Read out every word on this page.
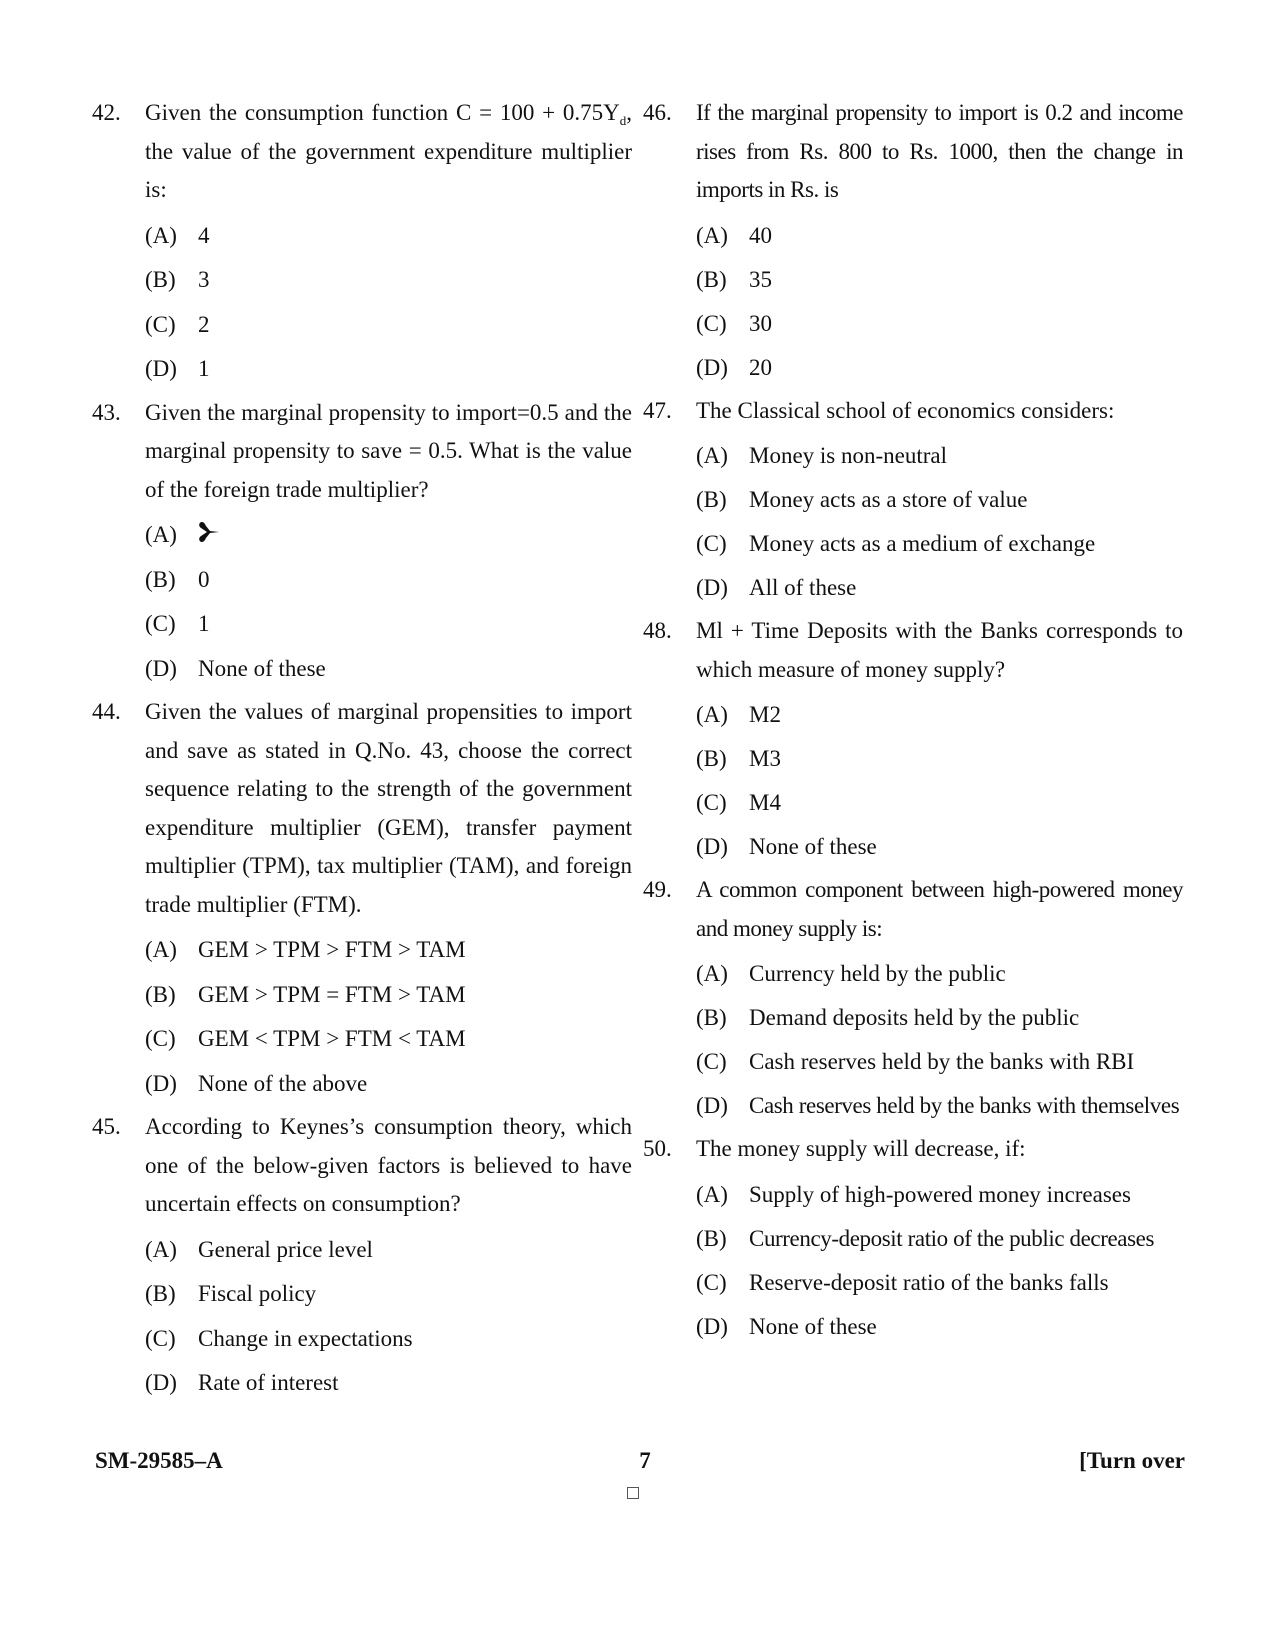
42. Given the consumption function $C = 100 + 0.75Y_d$, the value of the government expenditure multiplier is:
(A) 4
(B) 3
(C) 2
(D) 1
43. Given the marginal propensity to import=0.5 and the marginal propensity to save = 0.5. What is the value of the foreign trade multiplier?
(A)
(B) 0
(C) 1
(D) None of these
44. Given the values of marginal propensities to import and save as stated in Q.No. 43, choose the correct sequence relating to the strength of the government expenditure multiplier (GEM), transfer payment multiplier (TPM), tax multiplier (TAM), and foreign trade multiplier (FTM).
(A) GEM > TPM > FTM > TAM
(B) GEM > TPM = FTM > TAM
(C) GEM < TPM > FTM < TAM
(D) None of the above
45. According to Keynes’s consumption theory, which one of the below-given factors is believed to have uncertain effects on consumption?
(A) General price level
(B) Fiscal policy
(C) Change in expectations
(D) Rate of interest
46. If the marginal propensity to import is 0.2 and income rises from Rs. 800 to Rs. 1000, then the change in imports in Rs. is
(A) 40
(B) 35
(C) 30
(D) 20
47. The Classical school of economics considers:
(A) Money is non-neutral
(B) Money acts as a store of value
(C) Money acts as a medium of exchange
(D) All of these
48. Ml + Time Deposits with the Banks corresponds to which measure of money supply?
(A) M2
(B) M3
(C) M4
(D) None of these
49. A common component between high-powered money and money supply is:
(A) Currency held by the public
(B) Demand deposits held by the public
(C) Cash reserves held by the banks with RBI
(D) Cash reserves held by the banks with themselves
50. The money supply will decrease, if:
(A) Supply of high-powered money increases
(B) Currency-deposit ratio of the public decreases
(C) Reserve-deposit ratio of the banks falls
(D) None of these
SM-29585–A	7	[Turn over
